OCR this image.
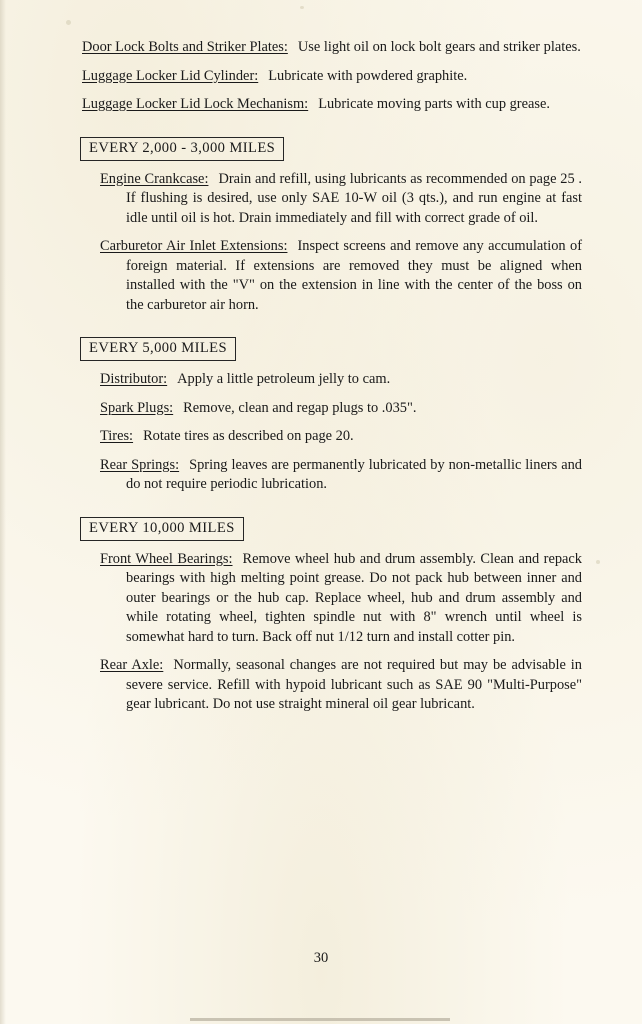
Door Lock Bolts and Striker Plates: Use light oil on lock bolt gears and striker plates.
Luggage Locker Lid Cylinder: Lubricate with powdered graphite.
Luggage Locker Lid Lock Mechanism: Lubricate moving parts with cup grease.
EVERY 2,000 - 3,000 MILES
Engine Crankcase: Drain and refill, using lubricants as recommended on page 25 . If flushing is desired, use only SAE 10-W oil (3 qts.), and run engine at fast idle until oil is hot. Drain immediately and fill with correct grade of oil.
Carburetor Air Inlet Extensions: Inspect screens and remove any accumulation of foreign material. If extensions are removed they must be aligned when installed with the "V" on the extension in line with the center of the boss on the carburetor air horn.
EVERY 5,000 MILES
Distributor: Apply a little petroleum jelly to cam.
Spark Plugs: Remove, clean and regap plugs to .035".
Tires: Rotate tires as described on page 20.
Rear Springs: Spring leaves are permanently lubricated by non-metallic liners and do not require periodic lubrication.
EVERY 10,000 MILES
Front Wheel Bearings: Remove wheel hub and drum assembly. Clean and repack bearings with high melting point grease. Do not pack hub between inner and outer bearings or the hub cap. Replace wheel, hub and drum assembly and while rotating wheel, tighten spindle nut with 8" wrench until wheel is somewhat hard to turn. Back off nut 1/12 turn and install cotter pin.
Rear Axle: Normally, seasonal changes are not required but may be advisable in severe service. Refill with hypoid lubricant such as SAE 90 "Multi-Purpose" gear lubricant. Do not use straight mineral oil gear lubricant.
30
